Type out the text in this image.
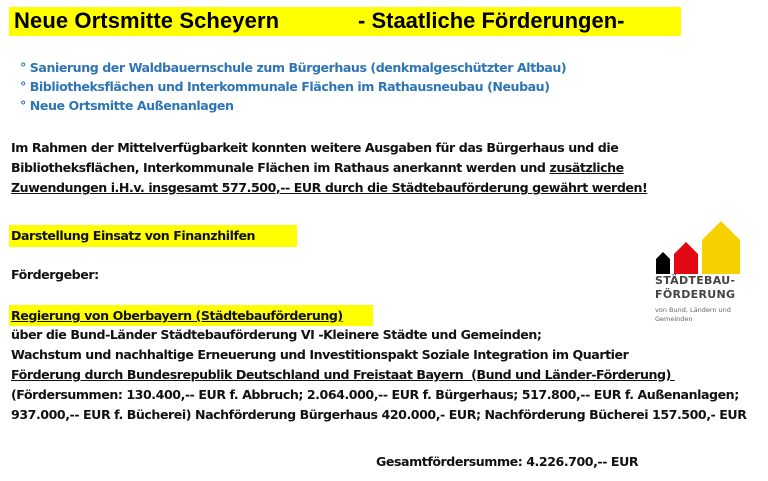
Neue Ortsmitte Scheyern	- Staatliche Förderungen-
° Sanierung der Waldbauernschule zum Bürgerhaus (denkmalgeschützter Altbau)
° Bibliotheksflächen und Interkommunale Flächen im Rathausneubau (Neubau)
° Neue Ortsmitte Außenanlagen
Im Rahmen der Mittelverfügbarkeit konnten weitere Ausgaben für das Bürgerhaus und die
Bibliotheksflächen, Interkommunale Flächen im Rathaus anerkannt werden und zusätzliche
Zuwendungen i.H.v. insgesamt 577.500,-- EUR durch die Städtebauförderung gewährt werden!
Darstellung Einsatz von Finanzhilfen
Fördergeber:
Regierung von Oberbayern (Städtebauförderung)
über die Bund-Länder Städtebauförderung VI -Kleinere Städte und Gemeinden;
Wachstum und nachhaltige Erneuerung und Investitionspakt Soziale Integration im Quartier
Förderung durch Bundesrepublik Deutschland und Freistaat Bayern  (Bund und Länder-Förderung)
(Fördersummen: 130.400,-- EUR f. Abbruch; 2.064.000,-- EUR f. Bürgerhaus; 517.800,-- EUR f. Außenanlagen;
937.000,-- EUR f. Bücherei) Nachförderung Bürgerhaus 420.000,- EUR; Nachförderung Bücherei 157.500,- EUR
Gesamtfördersumme: 4.226.700,-- EUR
STÄDTEBAU-
FÖRDERUNG
von Bund, Ländern und
Gemeinden
